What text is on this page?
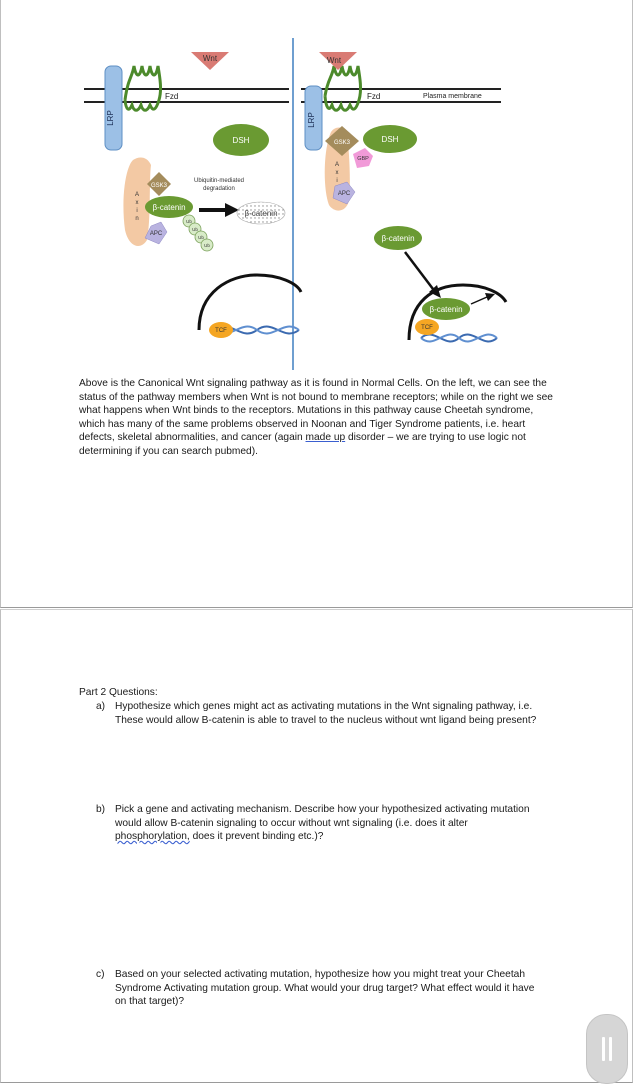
LRP
Fzd
Wnt
DSH
A
x
i
n
GSK3
β-catenin
APC
Ub
Ub
Ub
Ub
Ubiquitin-mediated
degradation
β-catenin
TCF
LRP
Fzd	Plasma membrane
Wnt
A
x
i
GSK3	DSH
GBP
APC
β-catenin
β-catenin
TCF

Above is the Canonical Wnt signaling pathway as it is found in Normal Cells. On the left, we can see the status of the pathway members when Wnt is not bound to membrane receptors; while on the right we see what happens when Wnt binds to the receptors. Mutations in this pathway cause Cheetah syndrome, which has many of the same problems observed in Noonan and Tiger Syndrome patients, i.e. heart defects, skeletal abnormalities, and cancer (again made up disorder – we are trying to use logic not determining if you can search pubmed).

Part 2 Questions:

a) Hypothesize which genes might act as activating mutations in the Wnt signaling pathway, i.e. These would allow B-catenin is able to travel to the nucleus without wnt ligand being present?
b) Pick a gene and activating mechanism. Describe how your hypothesized activating mutation would allow B-catenin signaling to occur without wnt signaling (i.e. does it alter phosphorylation, does it prevent binding etc.)?
c) Based on your selected activating mutation, hypothesize how you might treat your Cheetah Syndrome Activating mutation group. What would your drug target? What effect would it have on that target)?
